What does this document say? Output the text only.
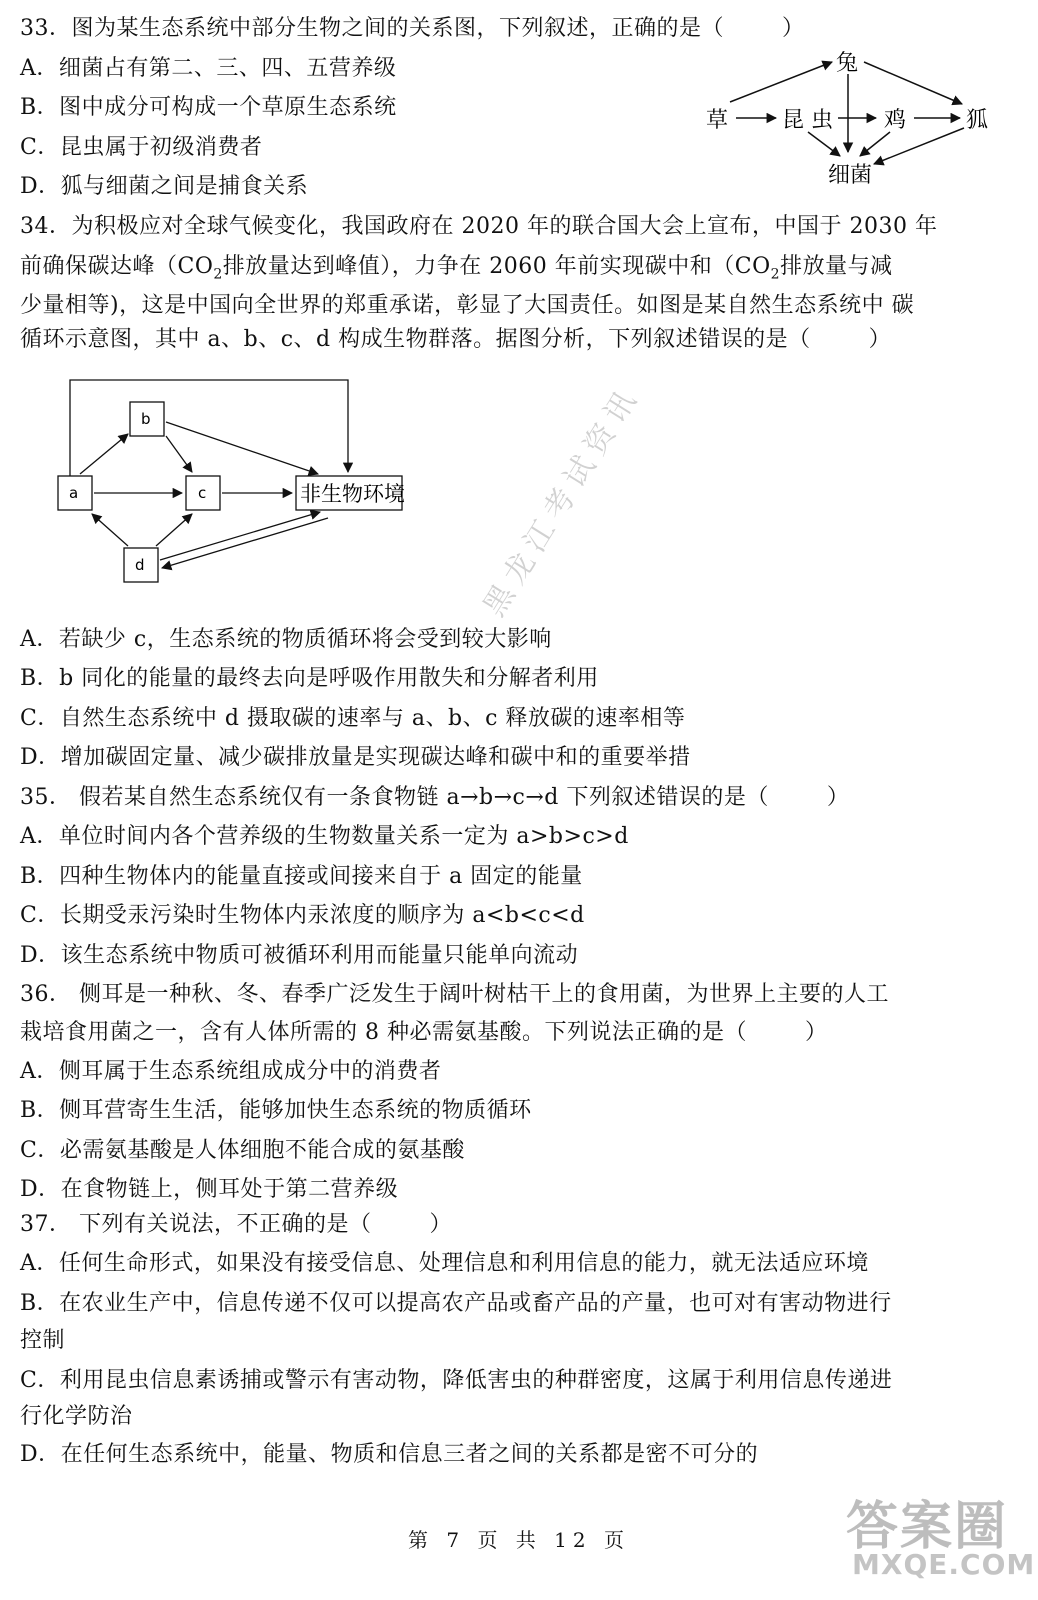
33．图为某生态系统中部分生物之间的关系图，下列叙述，正确的是（	）
A．细菌占有第二、三、四、五营养级
B．图中成分可构成一个草原生态系统
C．昆虫属于初级消费者
D．狐与细菌之间是捕食关系
兔
草 昆 虫 鸡	狐
细菌
34．为积极应对全球气候变化，我国政府在 2020 年的联合国大会上宣布，中国于 2030 年
前确保碳达峰（$CO_2$排放量达到峰值），力争在 2060 年前实现碳中和（$CO_2$排放量与减
少量相等)，这是中国向全世界的郑重承诺，彰显了大国责任。如图是某自然生态系统中 碳
循环示意图，其中 a、b、c、d 构成生物群落。据图分析，下列叙述错误的是（	）
a
b
c
d
非生物环境
A．若缺少 c，生态系统的物质循环将会受到较大影响
B．b 同化的能量的最终去向是呼吸作用散失和分解者利用
C．自然生态系统中 d 摄取碳的速率与 a、b、c 释放碳的速率相等
D．增加碳固定量、减少碳排放量是实现碳达峰和碳中和的重要举措
35． 假若某自然生态系统仅有一条食物链 a→b→c→d 下列叙述错误的是（	）
A．单位时间内各个营养级的生物数量关系一定为 a>b>c>d
B．四种生物体内的能量直接或间接来自于 a 固定的能量
C．长期受汞污染时生物体内汞浓度的顺序为 a<b<c<d
D．该生态系统中物质可被循环利用而能量只能单向流动
36． 侧耳是一种秋、冬、春季广泛发生于阔叶树枯干上的食用菌，为世界上主要的人工
栽培食用菌之一，含有人体所需的 8 种必需氨基酸。下列说法正确的是（	）
A．侧耳属于生态系统组成成分中的消费者
B．侧耳营寄生生活，能够加快生态系统的物质循环
C．必需氨基酸是人体细胞不能合成的氨基酸
D．在食物链上，侧耳处于第二营养级
37． 下列有关说法，不正确的是（	）
A．任何生命形式，如果没有接受信息、处理信息和利用信息的能力，就无法适应环境
B．在农业生产中，信息传递不仅可以提高农产品或畜产品的产量，也可对有害动物进行
控制
C．利用昆虫信息素诱捕或警示有害动物，降低害虫的种群密度，这属于利用信息传递进
行化学防治
D．在任何生态系统中，能量、物质和信息三者之间的关系都是密不可分的
黑龙江考试资讯
第 7 页 共 12 页	答案圈
MXQE.COM
